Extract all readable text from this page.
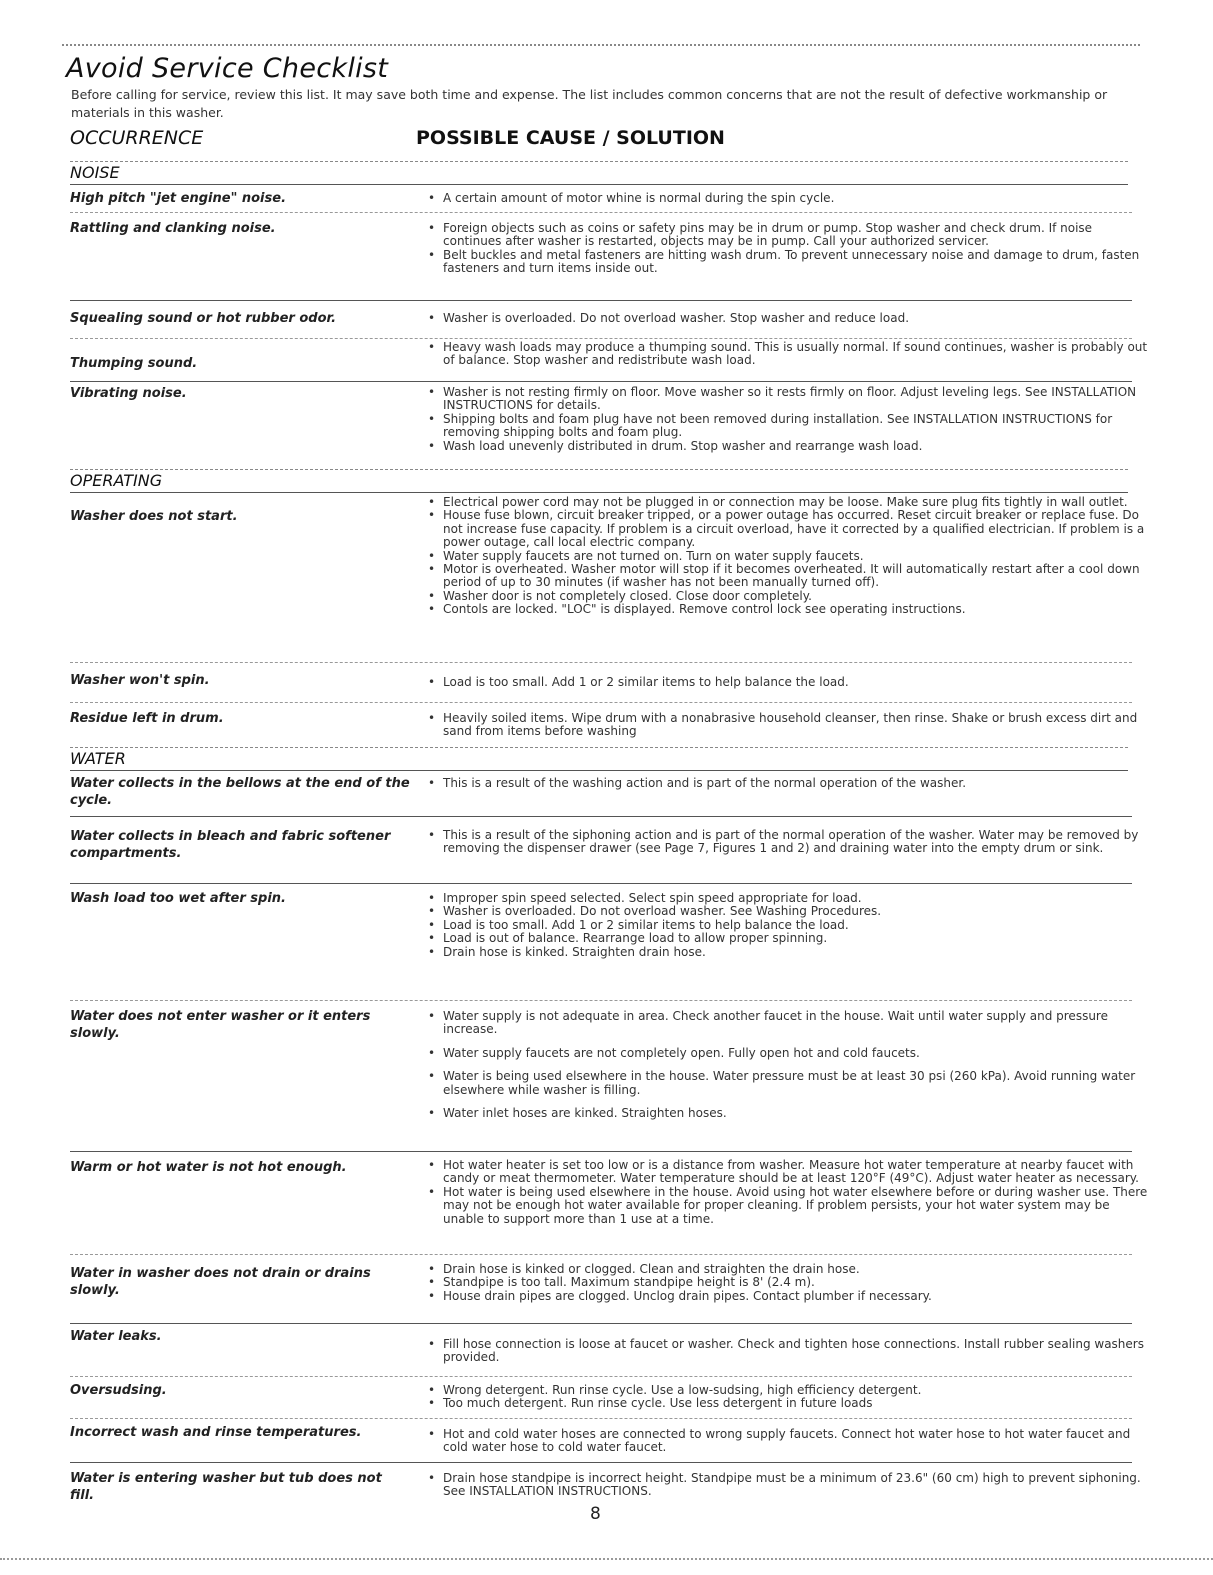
Avoid Service Checklist

Before calling for service, review this list. It may save both time and expense. The list includes common concerns that are not the result of defective workmanship or materials in this washer.

OCCURRENCE	POSSIBLE CAUSE / SOLUTION
NOISE
High pitch "jet engine" noise.	• A certain amount of motor whine is normal during the spin cycle.
Rattling and clanking noise.	• Foreign objects such as coins or safety pins may be in drum or pump. Stop washer and check drum. If noise continues after washer is restarted, objects may be in pump. Call your authorized servicer.
• Belt buckles and metal fasteners are hitting wash drum. To prevent unnecessary noise and damage to drum, fasten fasteners and turn items inside out.
Squealing sound or hot rubber odor.	• Washer is overloaded. Do not overload washer. Stop washer and reduce load.
Thumping sound.
• Heavy wash loads may produce a thumping sound. This is usually normal. If sound continues, washer is probably out of balance. Stop washer and redistribute wash load.
Vibrating noise.	• Washer is not resting firmly on floor. Move washer so it rests firmly on floor. Adjust leveling legs. See INSTALLATION INSTRUCTIONS for details.
• Shipping bolts and foam plug have not been removed during installation. See INSTALLATION INSTRUCTIONS for removing shipping bolts and foam plug.
• Wash load unevenly distributed in drum. Stop washer and rearrange wash load.
OPERATING
Washer does not start.
• Electrical power cord may not be plugged in or connection may be loose. Make sure plug fits tightly in wall outlet.
• House fuse blown, circuit breaker tripped, or a power outage has occurred. Reset circuit breaker or replace fuse. Do not increase fuse capacity. If problem is a circuit overload, have it corrected by a qualified electrician. If problem is a power outage, call local electric company.
• Water supply faucets are not turned on. Turn on water supply faucets.
• Motor is overheated. Washer motor will stop if it becomes overheated. It will automatically restart after a cool down period of up to 30 minutes (if washer has not been manually turned off).
• Washer door is not completely closed. Close door completely.
• Contols are locked. "LOC" is displayed. Remove control lock see operating instructions.
Washer won't spin.	• Load is too small. Add 1 or 2 similar items to help balance the load.
Residue left in drum.	• Heavily soiled items. Wipe drum with a nonabrasive household cleanser, then rinse. Shake or brush excess dirt and sand from items before washing
WATER
Water collects in the bellows at the end of the cycle.
• This is a result of the washing action and is part of the normal operation of the washer.
Water collects in bleach and fabric softener compartments.
• This is a result of the siphoning action and is part of the normal operation of the washer. Water may be removed by removing the dispenser drawer (see Page 7, Figures 1 and 2) and draining water into the empty drum or sink.
Wash load too wet after spin.	• Improper spin speed selected. Select spin speed appropriate for load.
• Washer is overloaded. Do not overload washer. See Washing Procedures.
• Load is too small. Add 1 or 2 similar items to help balance the load.
• Load is out of balance. Rearrange load to allow proper spinning.
• Drain hose is kinked. Straighten drain hose.
Water does not enter washer or it enters slowly.
• Water supply is not adequate in area. Check another faucet in the house. Wait until water supply and pressure increase.
• Water supply faucets are not completely open. Fully open hot and cold faucets.
• Water is being used elsewhere in the house. Water pressure must be at least 30 psi (260 kPa). Avoid running water elsewhere while washer is filling.
• Water inlet hoses are kinked. Straighten hoses.
Warm or hot water is not hot enough.	• Hot water heater is set too low or is a distance from washer. Measure hot water temperature at nearby faucet with candy or meat thermometer. Water temperature should be at least 120°F (49°C). Adjust water heater as necessary.
• Hot water is being used elsewhere in the house. Avoid using hot water elsewhere before or during washer use. There may not be enough hot water available for proper cleaning. If problem persists, your hot water system may be unable to support more than 1 use at a time.
Water in washer does not drain or drains slowly.
• Drain hose is kinked or clogged. Clean and straighten the drain hose.
• Standpipe is too tall. Maximum standpipe height is 8' (2.4 m).
• House drain pipes are clogged. Unclog drain pipes. Contact plumber if necessary.
Water leaks.	• Fill hose connection is loose at faucet or washer. Check and tighten hose connections. Install rubber sealing washers provided.
Oversudsing.	• Wrong detergent. Run rinse cycle. Use a low-sudsing, high efficiency detergent.
• Too much detergent. Run rinse cycle. Use less detergent in future loads
Incorrect wash and rinse temperatures.	• Hot and cold water hoses are connected to wrong supply faucets. Connect hot water hose to hot water faucet and cold water hose to cold water faucet.
Water is entering washer but tub does not fill.
• Drain hose standpipe is incorrect height. Standpipe must be a minimum of 23.6" (60 cm) high to prevent siphoning. See INSTALLATION INSTRUCTIONS.
8
